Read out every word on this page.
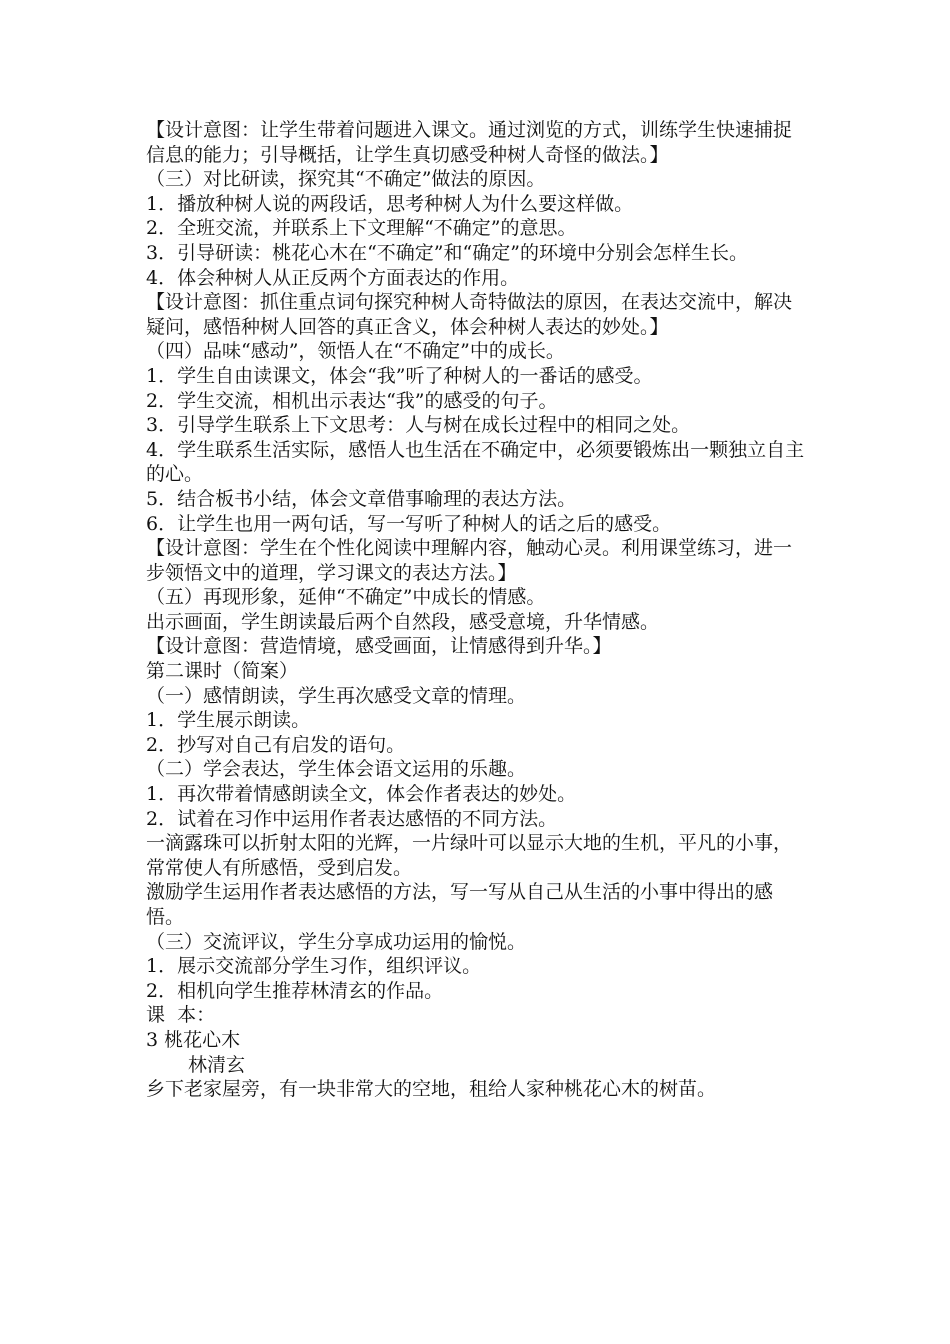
【设计意图：让学生带着问题进入课文。通过浏览的方式，训练学生快速捕捉信息的能力；引导概括，让学生真切感受种树人奇怪的做法。】

（三）对比研读，探究其“不确定”做法的原因。

1．播放种树人说的两段话，思考种树人为什么要这样做。

2．全班交流，并联系上下文理解“不确定”的意思。

3．引导研读：桃花心木在“不确定”和“确定”的环境中分别会怎样生长。

4．体会种树人从正反两个方面表达的作用。

【设计意图：抓住重点词句探究种树人奇特做法的原因，在表达交流中，解决疑问，感悟种树人回答的真正含义，体会种树人表达的妙处。】

（四）品味“感动”，领悟人在“不确定”中的成长。

1．学生自由读课文，体会“我”听了种树人的一番话的感受。

2．学生交流，相机出示表达“我”的感受的句子。

3．引导学生联系上下文思考：人与树在成长过程中的相同之处。

4．学生联系生活实际，感悟人也生活在不确定中，必须要锻炼出一颗独立自主的心。

5．结合板书小结，体会文章借事喻理的表达方法。

6．让学生也用一两句话，写一写听了种树人的话之后的感受。

【设计意图：学生在个性化阅读中理解内容，触动心灵。利用课堂练习，进一步领悟文中的道理，学习课文的表达方法。】

（五）再现形象，延伸“不确定”中成长的情感。

出示画面，学生朗读最后两个自然段，感受意境，升华情感。

【设计意图：营造情境，感受画面，让情感得到升华。】

第二课时（简案）

（一）感情朗读，学生再次感受文章的情理。

1．学生展示朗读。

2．抄写对自己有启发的语句。

（二）学会表达，学生体会语文运用的乐趣。

1．再次带着情感朗读全文，体会作者表达的妙处。

2．试着在习作中运用作者表达感悟的不同方法。

一滴露珠可以折射太阳的光辉，一片绿叶可以显示大地的生机，平凡的小事，常常使人有所感悟，受到启发。

激励学生运用作者表达感悟的方法，写一写从自己从生活的小事中得出的感悟。

（三）交流评议，学生分享成功运用的愉悦。

1．展示交流部分学生习作，组织评议。

2．相机向学生推荐林清玄的作品。

课  本：

3 桃花心木

林清玄

乡下老家屋旁，有一块非常大的空地，租给人家种桃花心木的树苗。
